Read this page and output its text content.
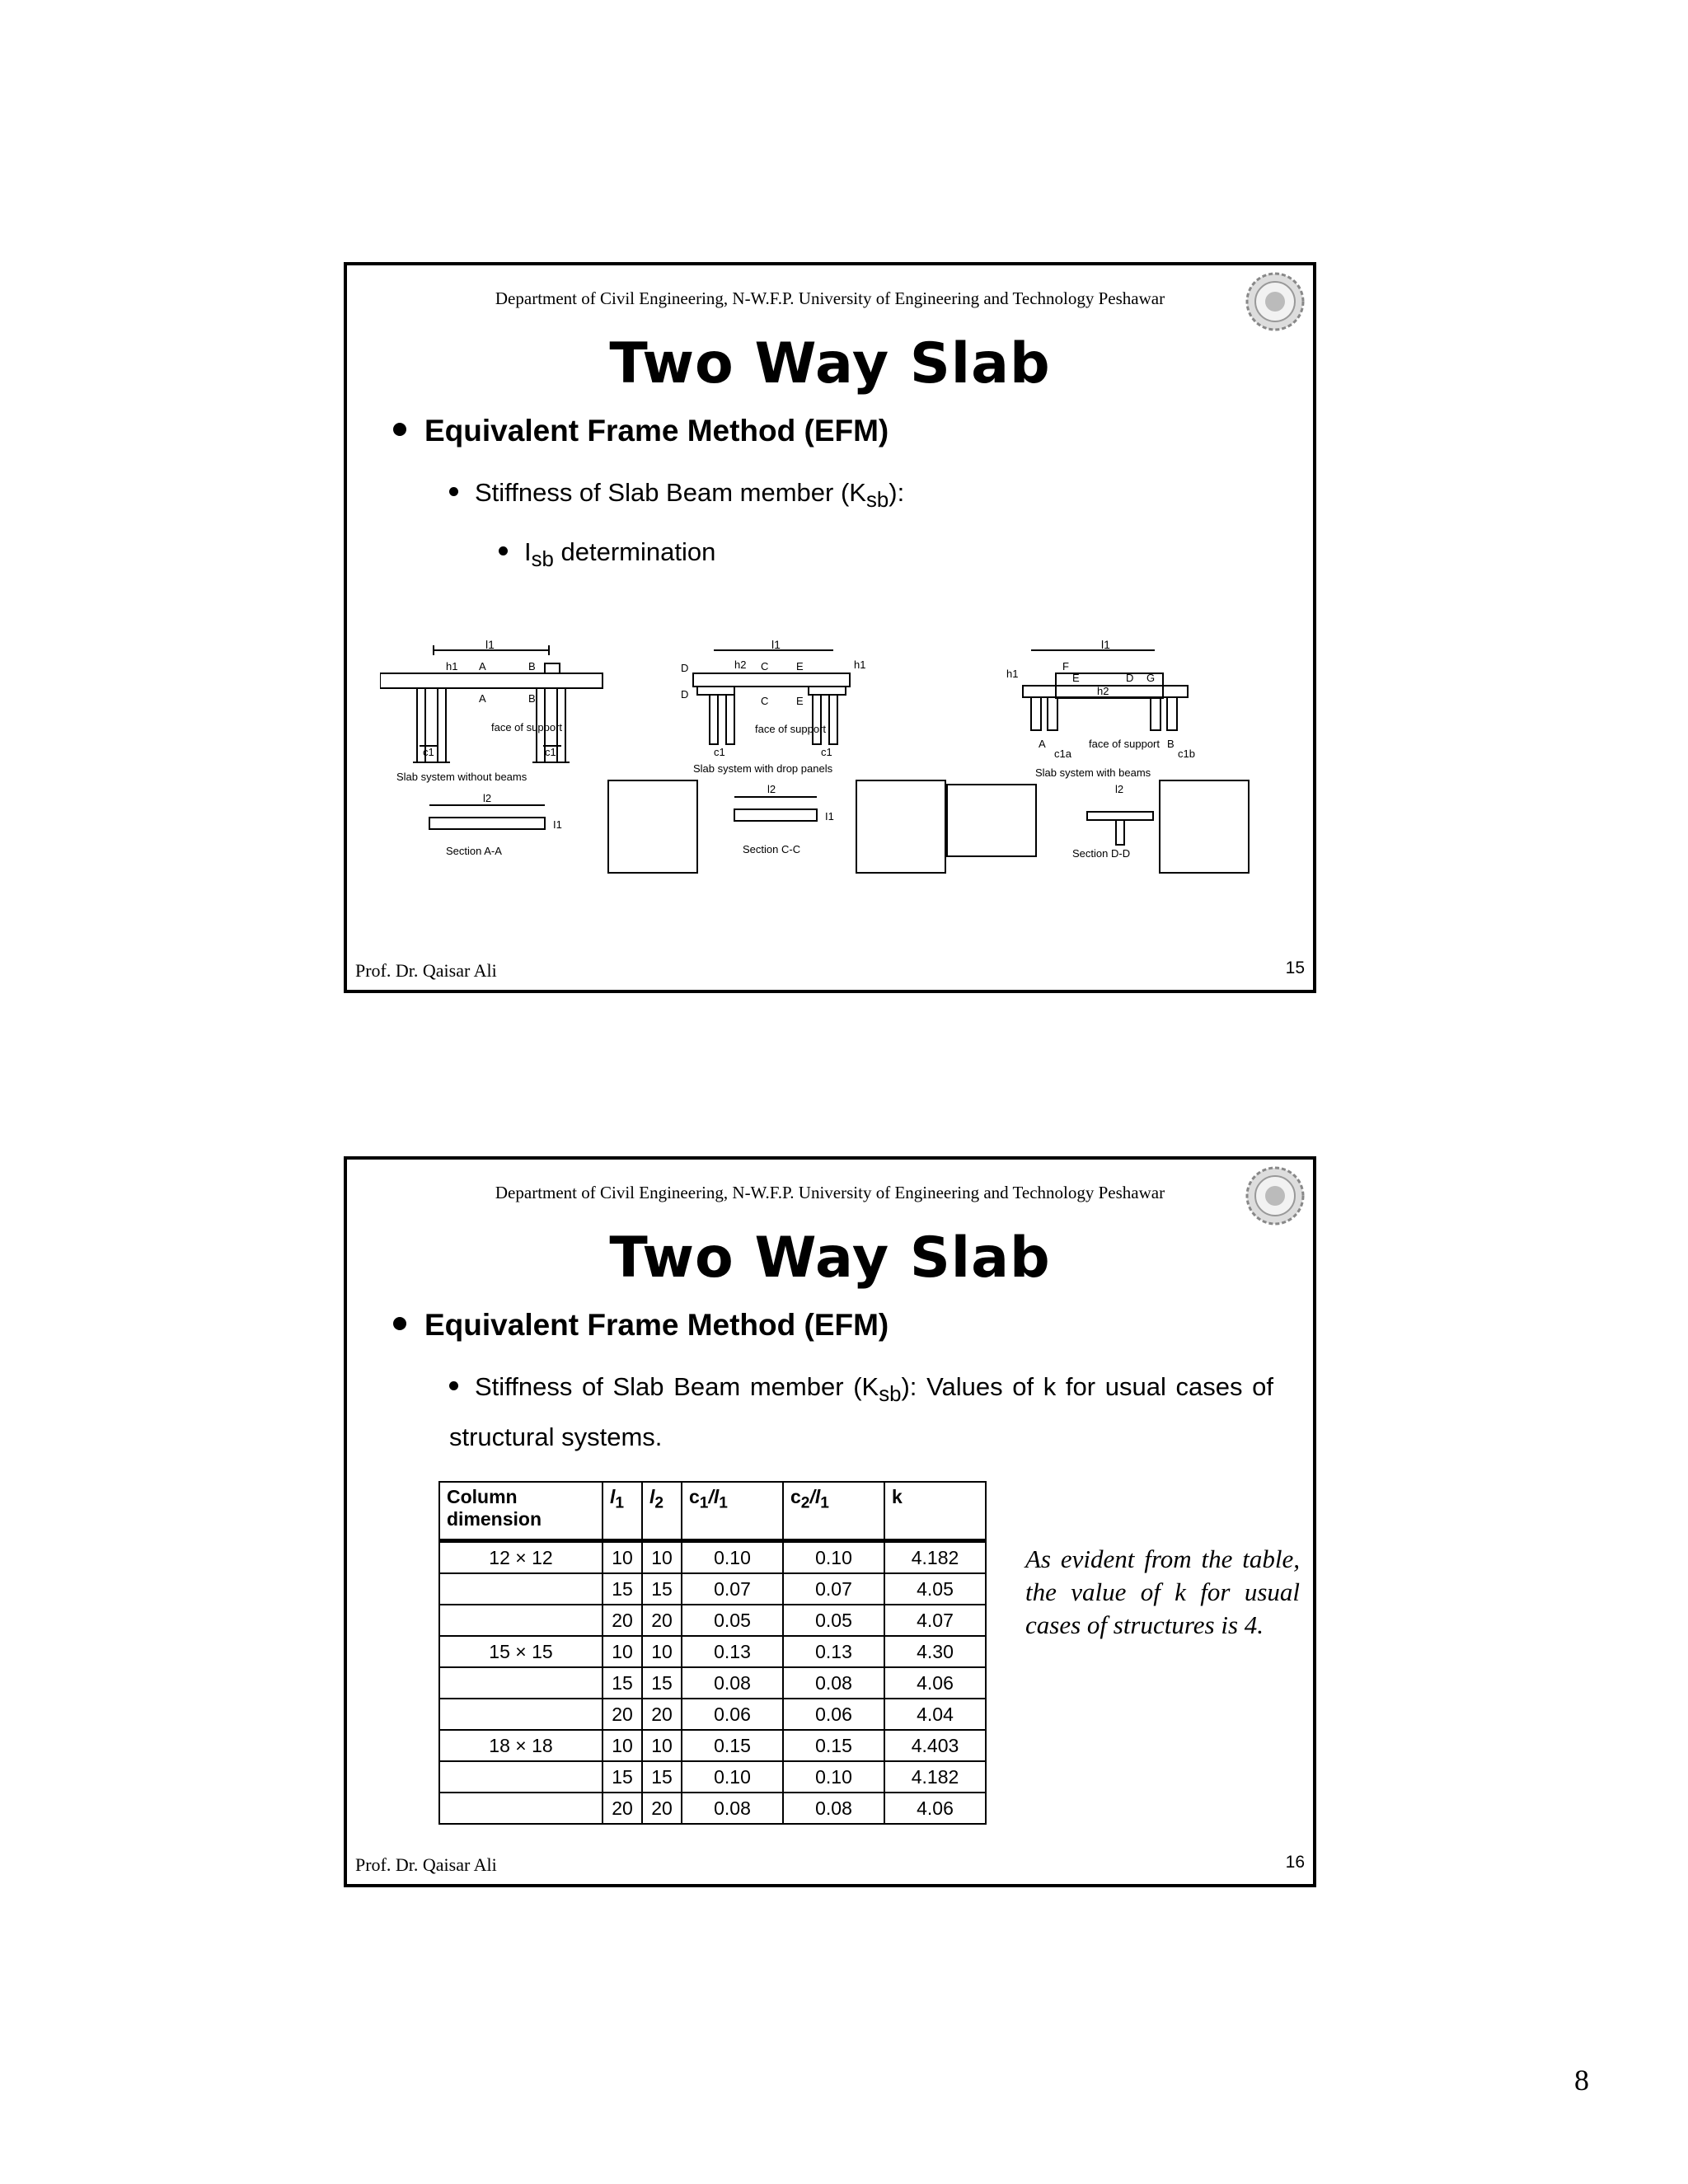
Department of Civil Engineering, N-W.F.P. University of Engineering and Technology Peshawar
Two Way Slab
Equivalent Frame Method (EFM)
Stiffness of Slab Beam member $(K_{sb})$:
$I_{sb}$ determination
l1
h1 A
A
B
B
c1	c1
face of support
Slab system without beams
l2
I1
Section A-A
l1
D
D
h2 C
C
E
E
h1
c1	c1
face of support
Slab system with drop panels
l2
I1
Section C-C
l1
h1
F
E	D G
h2
A	B
c1a	c1b
face of support
Slab system with beams
l2
Section D-D
Prof. Dr. Qaisar Ali	15
Department of Civil Engineering, N-W.F.P. University of Engineering and Technology Peshawar
Two Way Slab
Equivalent Frame Method (EFM)
Stiffness of Slab Beam member $(K_{sb})$: Values of k for usual cases of structural systems.
Column dimension	$l_1$	$l_2$	$c_1/l_1$	$c_2/l_1$	k
12 × 12	10	10	0.10	0.10	4.182
	15	15	0.07	0.07	4.05
	20	20	0.05	0.05	4.07
15 × 15	10	10	0.13	0.13	4.30
	15	15	0.08	0.08	4.06
	20	20	0.06	0.06	4.04
18 × 18	10	10	0.15	0.15	4.403
	15	15	0.10	0.10	4.182
	20	20	0.08	0.08	4.06
As evident from the table, the value of k for usual cases of structures is 4.
Prof. Dr. Qaisar Ali	16
8
